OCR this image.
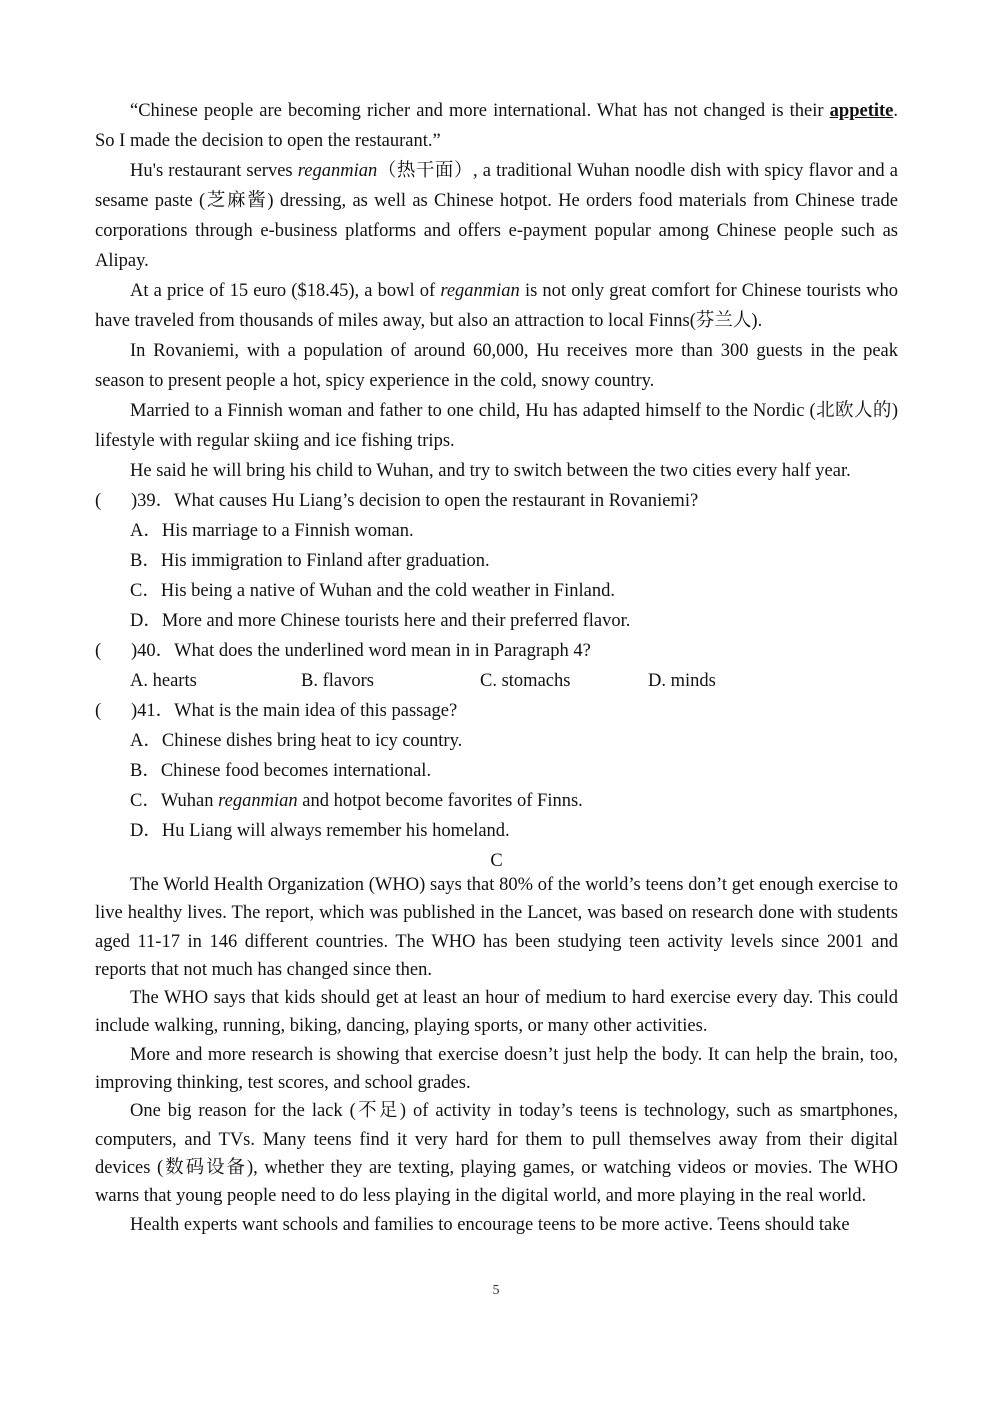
“Chinese people are becoming richer and more international. What has not changed is their appetite. So I made the decision to open the restaurant.”

Hu's restaurant serves reganmian（热干面）, a traditional Wuhan noodle dish with spicy flavor and a sesame paste (芝麻酱) dressing, as well as Chinese hotpot. He orders food materials from Chinese trade corporations through e-business platforms and offers e-payment popular among Chinese people such as Alipay.

At a price of 15 euro ($18.45), a bowl of reganmian is not only great comfort for Chinese tourists who have traveled from thousands of miles away, but also an attraction to local Finns(芬兰人).

In Rovaniemi, with a population of around 60,000, Hu receives more than 300 guests in the peak season to present people a hot, spicy experience in the cold, snowy country.

Married to a Finnish woman and father to one child, Hu has adapted himself to the Nordic (北欧人的) lifestyle with regular skiing and ice fishing trips.

He said he will bring his child to Wuhan, and try to switch between the two cities every half year.

( )39．What causes Hu Liang’s decision to open the restaurant in Rovaniemi?

A．His marriage to a Finnish woman.

B．His immigration to Finland after graduation.

C．His being a native of Wuhan and the cold weather in Finland.

D．More and more Chinese tourists here and their preferred flavor.

( )40．What does the underlined word mean in in Paragraph 4?

A. hearts	B. flavors	C. stomachs	D. minds

( )41．What is the main idea of this passage?

A．Chinese dishes bring heat to icy country.

B．Chinese food becomes international.

C．Wuhan reganmian and hotpot become favorites of Finns.

D．Hu Liang will always remember his homeland.

C

The World Health Organization (WHO) says that 80% of the world’s teens don’t get enough exercise to live healthy lives. The report, which was published in the Lancet, was based on research done with students aged 11-17 in 146 different countries. The WHO has been studying teen activity levels since 2001 and reports that not much has changed since then.

The WHO says that kids should get at least an hour of medium to hard exercise every day. This could include walking, running, biking, dancing, playing sports, or many other activities.

More and more research is showing that exercise doesn’t just help the body. It can help the brain, too, improving thinking, test scores, and school grades.

One big reason for the lack (不足) of activity in today’s teens is technology, such as smartphones, computers, and TVs. Many teens find it very hard for them to pull themselves away from their digital devices (数码设备), whether they are texting, playing games, or watching videos or movies. The WHO warns that young people need to do less playing in the digital world, and more playing in the real world.

Health experts want schools and families to encourage teens to be more active. Teens should take

5
